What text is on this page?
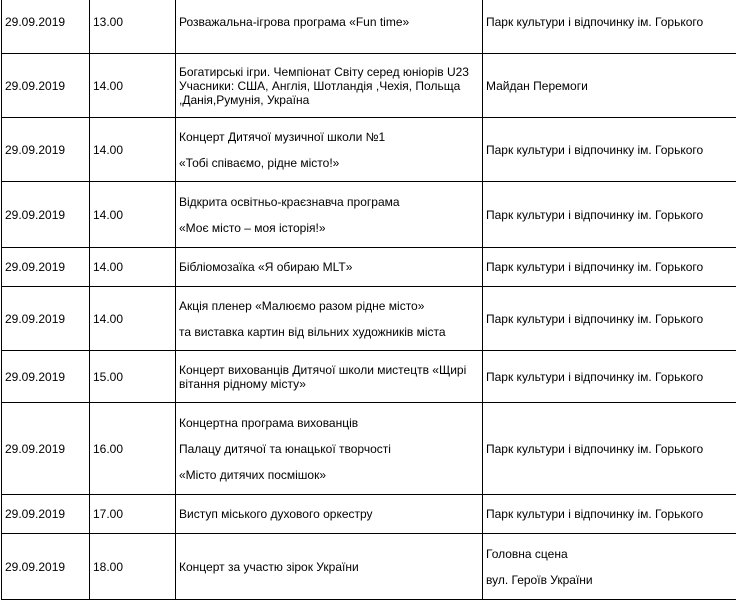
29.09.2019	13.00	Розважальна-ігрова програма «Fun time»	Парк культури і відпочинку ім. Горького

29.09.2019	14.00	Богатирські ігри. Чемпіонат Світу серед юніорів U23
Учасники: США, Англія, Шотландія ,Чехія, Польща
,Данія,Румунія, Україна	Майдан Перемоги

29.09.2019	14.00	Концерт Дитячої музичної школи №1
«Тобі співаємо, рідне місто!»	Парк культури і відпочинку ім. Горького

29.09.2019	14.00	Відкрита освітньо-краєзнавча програма
«Моє місто – моя історія!»	Парк культури і відпочинку ім. Горького

29.09.2019	14.00	Бібліомозаїка «Я обираю MLT»	Парк культури і відпочинку ім. Горького

29.09.2019	14.00	Акція пленер «Малюємо разом рідне місто»
та виставка картин від вільних художників міста	Парк культури і відпочинку ім. Горького

29.09.2019	15.00	Концерт вихованців Дитячої школи мистецтв «Щирі
вітання рідному місту»	Парк культури і відпочинку ім. Горького

29.09.2019	16.00	Концертна програма вихованців
Палацу дитячої та юнацької творчості
«Місто дитячих посмішок»	Парк культури і відпочинку ім. Горького

29.09.2019	17.00	Виступ міського духового оркестру	Парк культури і відпочинку ім. Горького

29.09.2019	18.00	Концерт за участю зірок України	Головна сцена
вул. Героїв України
